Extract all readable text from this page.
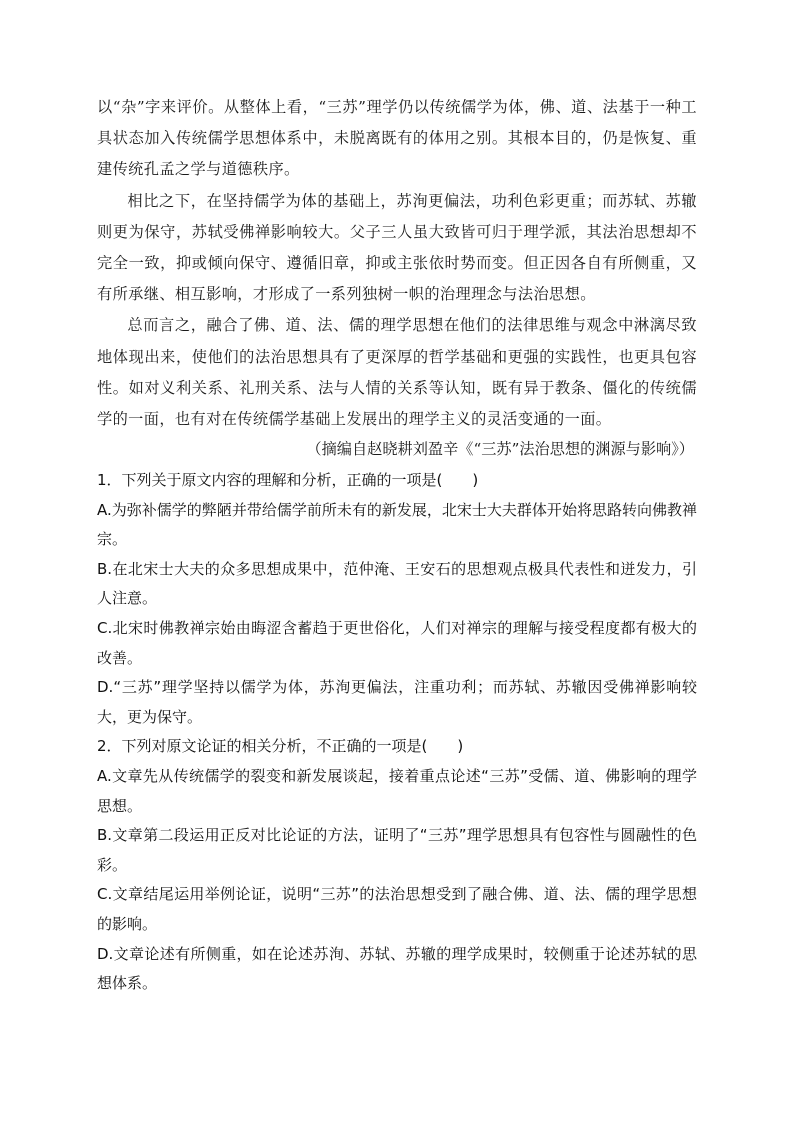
以“杂”字来评价。从整体上看，“三苏”理学仍以传统儒学为体，佛、道、法基于一种工具状态加入传统儒学思想体系中，未脱离既有的体用之别。其根本目的，仍是恢复、重建传统孔孟之学与道德秩序。

相比之下，在坚持儒学为体的基础上，苏洵更偏法，功利色彩更重；而苏轼、苏辙则更为保守，苏轼受佛禅影响较大。父子三人虽大致皆可归于理学派，其法治思想却不完全一致，抑或倾向保守、遵循旧章，抑或主张依时势而变。但正因各自有所侧重，又有所承继、相互影响，才形成了一系列独树一帜的治理理念与法治思想。

总而言之，融合了佛、道、法、儒的理学思想在他们的法律思维与观念中淋漓尽致地体现出来，使他们的法治思想具有了更深厚的哲学基础和更强的实践性，也更具包容性。如对义利关系、礼刑关系、法与人情的关系等认知，既有异于教条、僵化的传统儒学的一面，也有对在传统儒学基础上发展出的理学主义的灵活变通的一面。

（摘编自赵晓耕刘盈辛《“三苏”法治思想的渊源与影响》）

1．下列关于原文内容的理解和分析，正确的一项是(　　)

A.为弥补儒学的弊陋并带给儒学前所未有的新发展，北宋士大夫群体开始将思路转向佛教禅宗。

B.在北宋士大夫的众多思想成果中，范仲淹、王安石的思想观点极具代表性和迸发力，引人注意。

C.北宋时佛教禅宗始由晦涩含蓄趋于更世俗化，人们对禅宗的理解与接受程度都有极大的改善。

D.“三苏”理学坚持以儒学为体，苏洵更偏法，注重功利；而苏轼、苏辙因受佛禅影响较大，更为保守。

2．下列对原文论证的相关分析，不正确的一项是(　　)

A.文章先从传统儒学的裂变和新发展谈起，接着重点论述“三苏”受儒、道、佛影响的理学思想。

B.文章第二段运用正反对比论证的方法，证明了“三苏”理学思想具有包容性与圆融性的色彩。

C.文章结尾运用举例论证，说明“三苏”的法治思想受到了融合佛、道、法、儒的理学思想的影响。

D.文章论述有所侧重，如在论述苏洵、苏轼、苏辙的理学成果时，较侧重于论述苏轼的思想体系。
